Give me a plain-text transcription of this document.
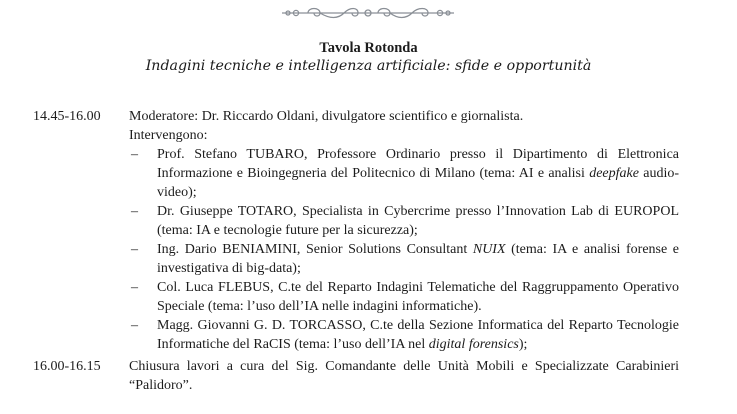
Tavola Rotonda
Indagini tecniche e intelligenza artificiale: sfide e opportunità
14.45-16.00	Moderatore: Dr. Riccardo Oldani, divulgatore scientifico e giornalista.
Intervengono:
–	Prof. Stefano TUBARO, Professore Ordinario presso il Dipartimento di Elettronica Informazione e Bioingegneria del Politecnico di Milano (tema: AI e analisi deepfake audio-video);
–	Dr. Giuseppe TOTARO, Specialista in Cybercrime presso l’Innovation Lab di EUROPOL (tema: IA e tecnologie future per la sicurezza);
–	Ing. Dario BENIAMINI, Senior Solutions Consultant NUIX (tema: IA e analisi forense e investigativa di big-data);
–	Col. Luca FLEBUS, C.te del Reparto Indagini Telematiche del Raggruppamento Operativo Speciale (tema: l’uso dell’IA nelle indagini informatiche).
–	Magg. Giovanni G. D. TORCASSO, C.te della Sezione Informatica del Reparto Tecnologie Informatiche del RaCIS (tema: l’uso dell’IA nel digital forensics);
16.00-16.15	Chiusura lavori a cura del Sig. Comandante delle Unità Mobili e Specializzate Carabinieri “Palidoro”.
